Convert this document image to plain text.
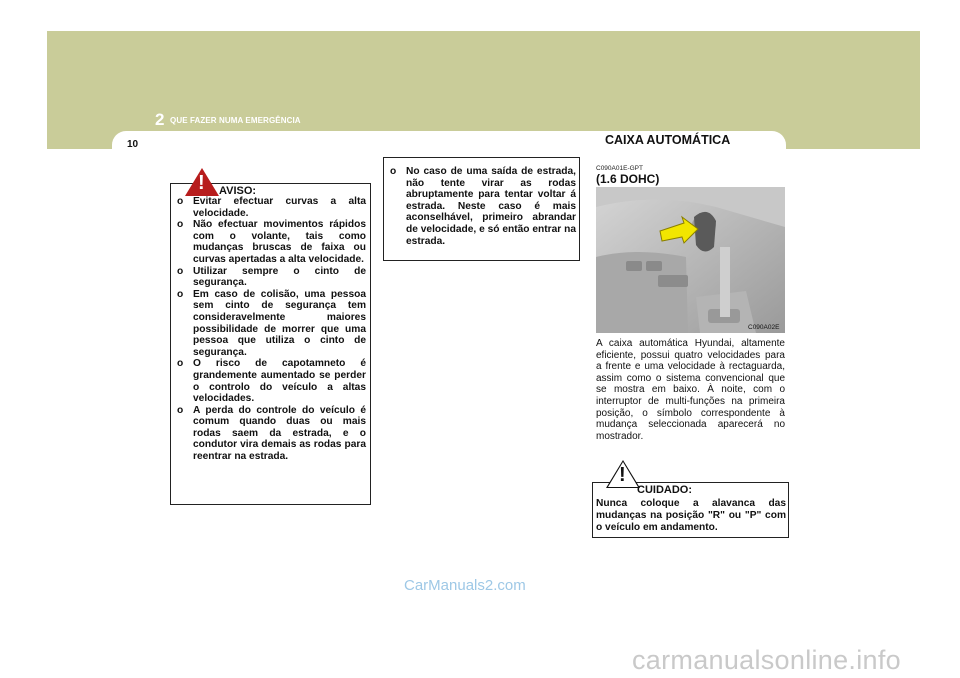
2 QUE FAZER NUMA EMERGÊNCIA
10	CAIXA AUTOMÁTICA
! AVISO:
o Evitar efectuar curvas a alta velocidade.
o Não efectuar movimentos rápidos com o volante, tais como mudanças bruscas de faixa ou curvas apertadas a alta velocidade.
o Utilizar sempre o cinto de segurança.
o Em caso de colisão, uma pessoa sem cinto de segurança tem consideravelmente maiores possibilidade de morrer que uma pessoa que utiliza o cinto de segurança.
o O risco de capotamneto é grandemente aumentado se perder o controlo do veículo a altas velocidades.
o A perda do controle do veículo é comum quando duas ou mais rodas saem da estrada, e o condutor vira demais as rodas para reentrar na estrada.
o No caso de uma saída de estrada, não tente virar as rodas abruptamente para tentar voltar á estrada. Neste caso é mais aconselhável, primeiro abrandar de velocidade, e só então entrar na estrada.
C090A01E-GPT
(1.6 DOHC)
C090A02E
A caixa automática Hyundai, altamente eficiente, possui quatro velocidades para a frente e uma velocidade à rectaguarda, assim como o sistema convencional que se mostra em baixo. À noite, com o interruptor de multi-funções na primeira posição, o símbolo correspondente à mudança seleccionada aparecerá no mostrador.
!
CUIDADO:
Nunca coloque a alavanca das mudanças na posição "R" ou "P" com o veículo em andamento.
CarManuals2.com
carmanualsonline.info
